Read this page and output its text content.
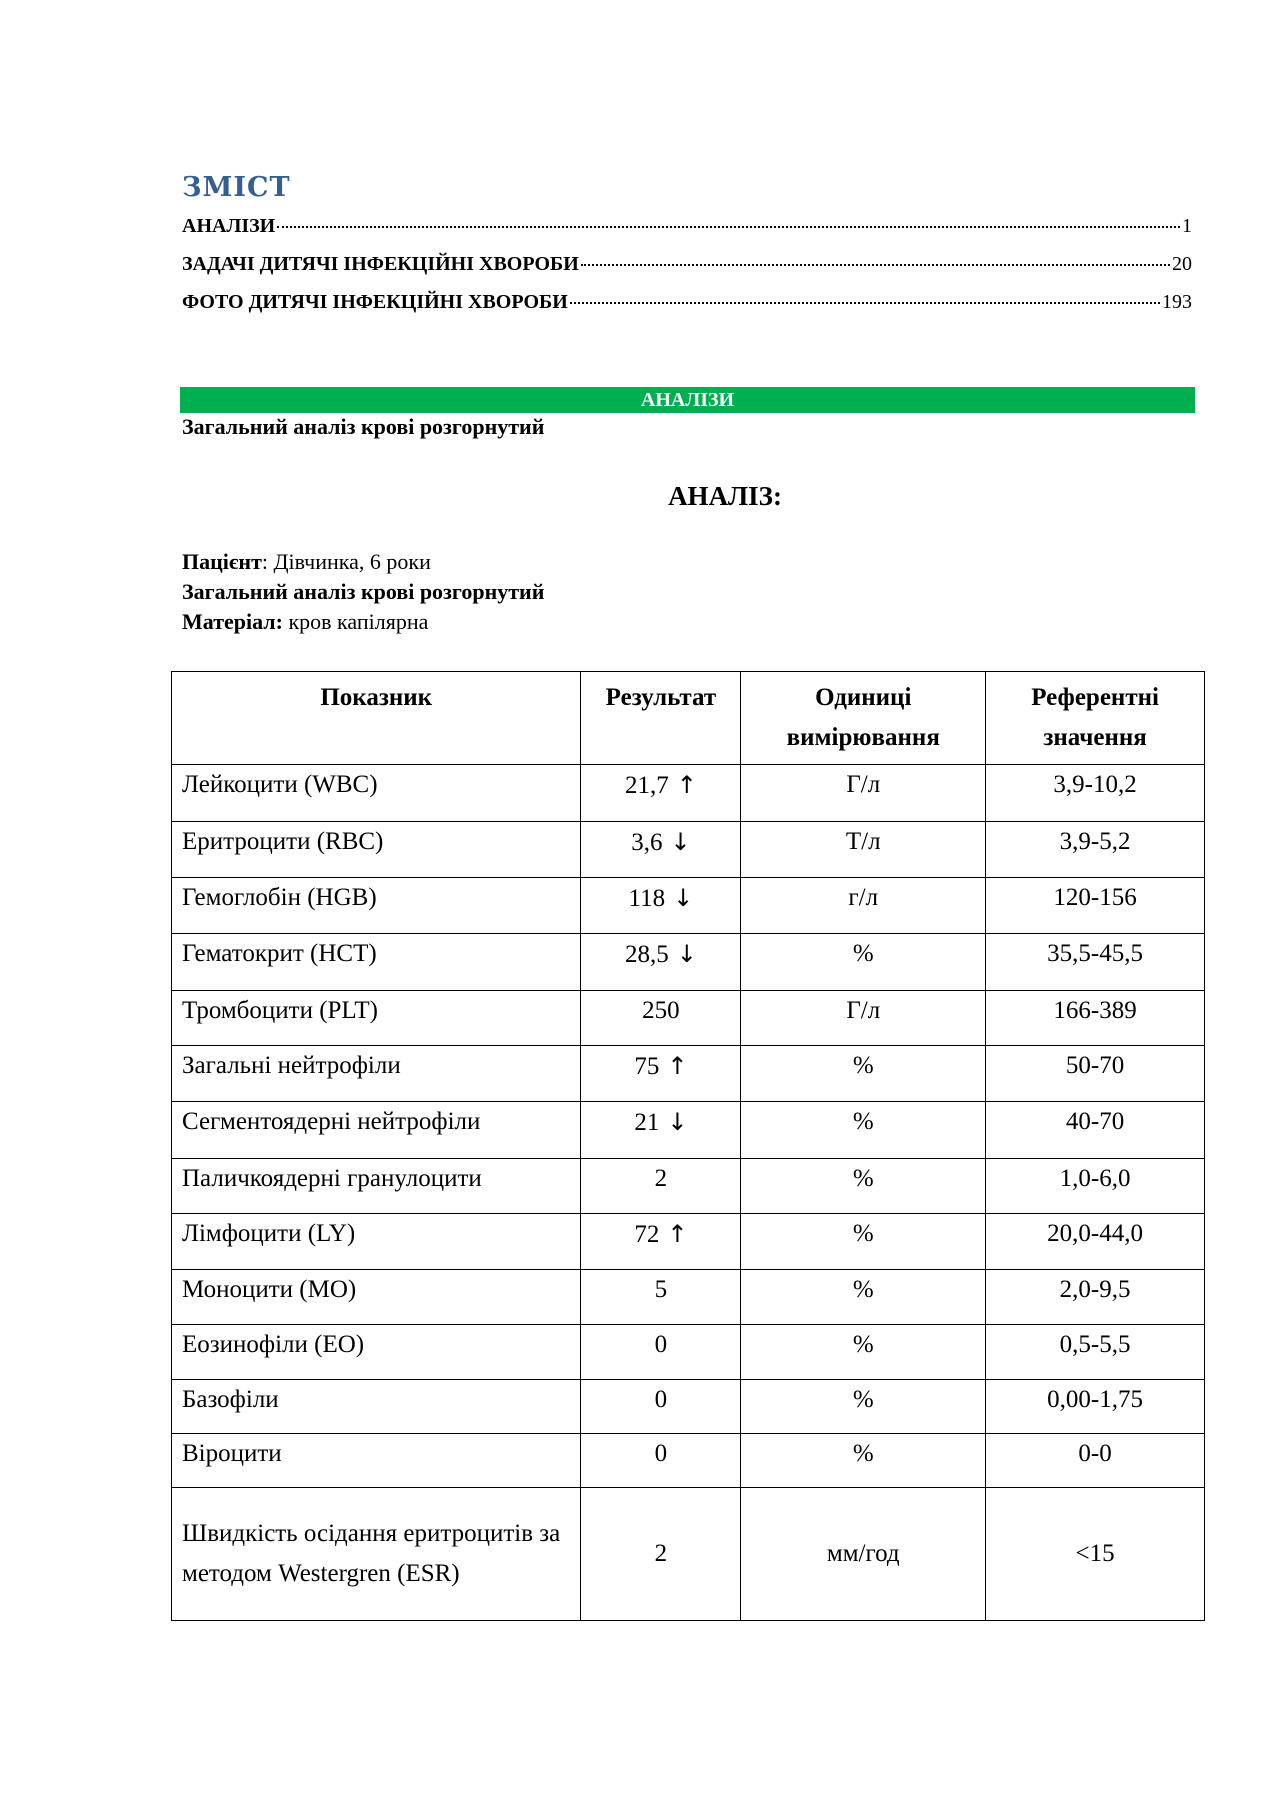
ЗМІСТ
АНАЛІЗИ	1
ЗАДАЧІ ДИТЯЧІ ІНФЕКЦІЙНІ ХВОРОБИ	20
ФОТО ДИТЯЧІ ІНФЕКЦІЙНІ ХВОРОБИ	193
АНАЛІЗИ
Загальний аналіз крові розгорнутий
АНАЛІЗ:
Пацієнт: Дівчинка, 6 роки
Загальний аналіз крові розгорнутий
Матеріал: кров капілярна
Показник	Результат	Одиниці вимірювання	Референтні значення
Лейкоцити (WBC)	21,7 ↑	Г/л	3,9-10,2
Еритроцити (RBC)	3,6 ↓	Т/л	3,9-5,2
Гемоглобін (HGB)	118 ↓	г/л	120-156
Гематокрит (HCT)	28,5 ↓	%	35,5-45,5
Тромбоцити (PLT)	250	Г/л	166-389
Загальні нейтрофіли	75 ↑	%	50-70
Сегментоядерні нейтрофіли	21 ↓	%	40-70
Паличкоядерні гранулоцити	2	%	1,0-6,0
Лімфоцити (LY)	72 ↑	%	20,0-44,0
Моноцити (MO)	5	%	2,0-9,5
Еозинофіли (EO)	0	%	0,5-5,5
Базофіли	0	%	0,00-1,75
Віроцити	0	%	0-0
Швидкість осідання еритроцитів за методом Westergren (ESR)	2	мм/год	<15
